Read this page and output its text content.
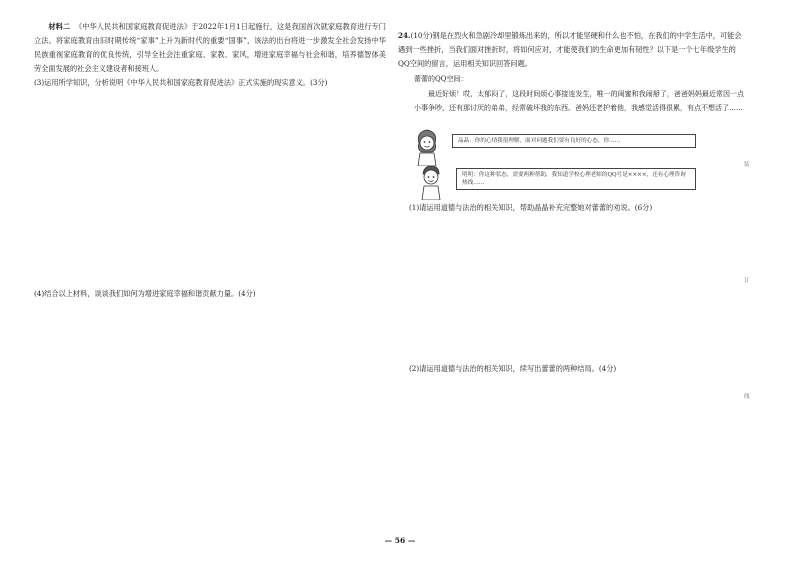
材料二 《中华人民共和国家庭教育促进法》于2022年1月1日起施行，这是我国首次就家庭教育进行专门立法。将家庭教育由旧时期传统“家事”上升为新时代的重要“国事”，该法的出台将进一步激发全社会发扬中华民族重视家庭教育的优良传统，引导全社会注重家庭、家教、家风，增进家庭幸福与社会和谐，培养德智体美劳全面发展的社会主义建设者和接班人。

(3)运用所学知识，分析说明《中华人民共和国家庭教育促进法》正式实施的现实意义。(3分)

(4)结合以上材料，谈谈我们如何为增进家庭幸福和谐贡献力量。(4分)

24.(10分)钢是在烈火和急剧冷却里锻炼出来的，所以才能坚硬和什么也不怕，在我们的中学生活中，可能会遇到一些挫折，当我们面对挫折时，将如何应对，才能使我们的生命更加有韧性？以下是一个七年级学生的QQ空间的留言，运用相关知识回答问题。

蕾蕾的QQ空间：

最近好烦！哎，太郁闷了，这段时间烦心事接连发生，唯一的闺蜜和我闹掰了，爸爸妈妈最近常因一点小事争吵，还有那讨厌的弟弟，经常破坏我的东西。爸妈还老护着他，我感觉活得很累，有点不想活了……

晶晶：你的心情我很理解，面对问题我们要有良好的心态，你……
明明：你这种状态，需要两种帮助，我知道学校心理老师的QQ号是××××，还有心理咨询热线……
(1)请运用道德与法治的相关知识，帮助晶晶补充完整她对蕾蕾的劝说。(6分)
(2)请运用道德与法治的相关知识，续写出蕾蕾的两种结局。(4分)
装
订
线
— 56 —
